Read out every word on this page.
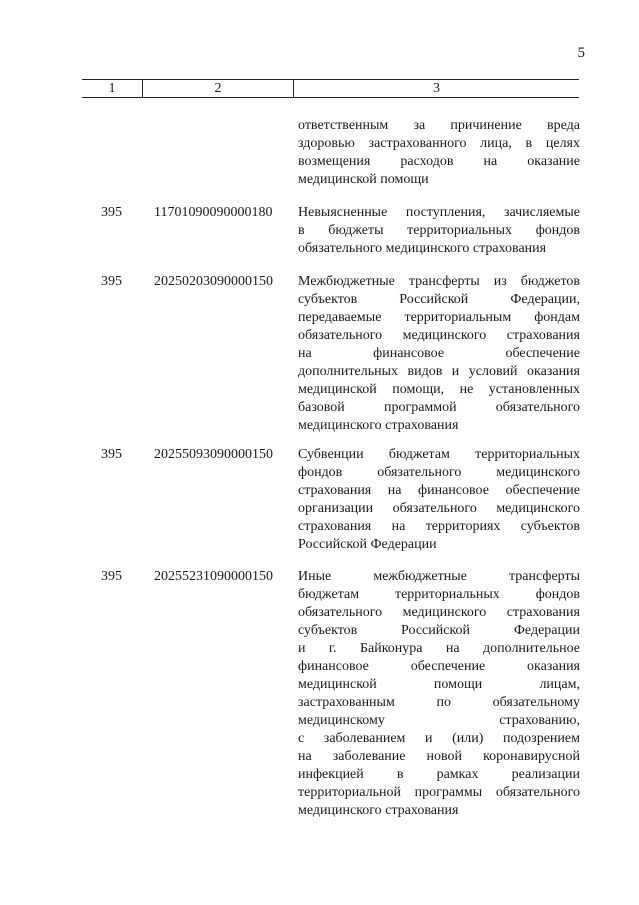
5
1	2	3
ответственным за причинение вреда
здоровью застрахованного лица, в целях
возмещения расходов на оказание
медицинской помощи
395	11701090090000180	Невыясненные поступления, зачисляемые
в бюджеты территориальных фондов
обязательного медицинского страхования
395	20250203090000150	Межбюджетные трансферты из бюджетов
субъектов Российской Федерации,
передаваемые территориальным фондам
обязательного медицинского страхования
на финансовое обеспечение
дополнительных видов и условий оказания
медицинской помощи, не установленных
базовой программой обязательного
медицинского страхования
395	20255093090000150	Субвенции бюджетам территориальных
фондов обязательного медицинского
страхования на финансовое обеспечение
организации обязательного медицинского
страхования на территориях субъектов
Российской Федерации
395	20255231090000150	Иные межбюджетные трансферты
бюджетам территориальных фондов
обязательного медицинского страхования
субъектов Российской Федерации
и г. Байконура на дополнительное
финансовое обеспечение оказания
медицинской помощи лицам,
застрахованным по обязательному
медицинскому страхованию,
с заболеванием и (или) подозрением
на заболевание новой коронавирусной
инфекцией в рамках реализации
территориальной программы обязательного
медицинского страхования
